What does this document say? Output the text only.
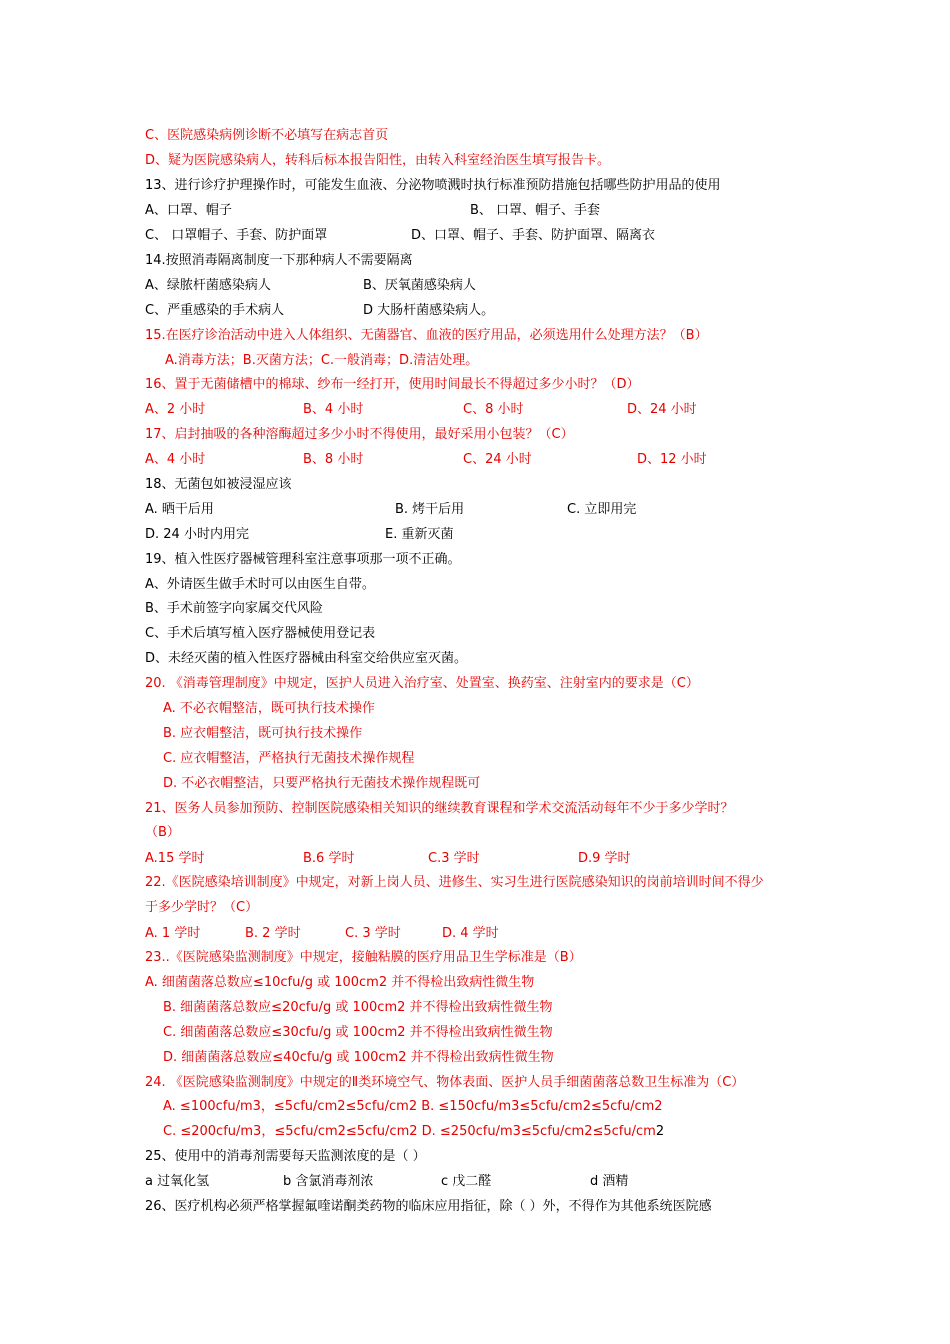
C、医院感染病例诊断不必填写在病志首页
D、疑为医院感染病人，转科后标本报告阳性，由转入科室经治医生填写报告卡。
13、进行诊疗护理操作时，可能发生血液、分泌物喷溅时执行标准预防措施包括哪些防护用品的使用
A、口罩、帽子	B、 口罩、帽子、手套
C、 口罩帽子、手套、防护面罩	D、口罩、帽子、手套、防护面罩、隔离衣
14.按照消毒隔离制度一下那种病人不需要隔离
A、绿脓杆菌感染病人	B、厌氧菌感染病人
C、严重感染的手术病人	D 大肠杆菌感染病人。
15.在医疗诊治活动中进入人体组织、无菌器官、血液的医疗用品，必须选用什么处理方法？（B）
A.消毒方法；B.灭菌方法；C.一般消毒；D.清洁处理。
16、置于无菌储槽中的棉球、纱布一经打开，使用时间最长不得超过多少小时？（D）
A、2 小时	B、4 小时	C、8 小时	D、24 小时
17、启封抽吸的各种溶酶超过多少小时不得使用，最好采用小包装？（C）
A、4 小时	B、8 小时	C、24 小时	D、12 小时
18、无菌包如被浸湿应该
A. 晒干后用	B. 烤干后用	C. 立即用完
D. 24 小时内用完	E. 重新灭菌
19、植入性医疗器械管理科室注意事项那一项不正确。
A、外请医生做手术时可以由医生自带。
B、手术前签字向家属交代风险
C、手术后填写植入医疗器械使用登记表
D、未经灭菌的植入性医疗器械由科室交给供应室灭菌。
20. 《消毒管理制度》中规定，医护人员进入治疗室、处置室、换药室、注射室内的要求是（C）
A. 不必衣帽整洁，既可执行技术操作
B. 应衣帽整洁，既可执行技术操作
C. 应衣帽整洁，严格执行无菌技术操作规程
D. 不必衣帽整洁，只要严格执行无菌技术操作规程既可
21、医务人员参加预防、控制医院感染相关知识的继续教育课程和学术交流活动每年不少于多少学时？
（B）
A.15 学时	B.6 学时	C.3 学时	D.9 学时
22.《医院感染培训制度》中规定，对新上岗人员、进修生、实习生进行医院感染知识的岗前培训时间不得少
于多少学时？（C）
A. 1 学时	B. 2 学时	C. 3 学时	D. 4 学时
23..《医院感染监测制度》中规定，接触粘膜的医疗用品卫生学标准是（B）
A. 细菌菌落总数应≤10cfu/g 或 100cm2 并不得检出致病性微生物
B. 细菌菌落总数应≤20cfu/g 或 100cm2 并不得检出致病性微生物
C. 细菌菌落总数应≤30cfu/g 或 100cm2 并不得检出致病性微生物
D. 细菌菌落总数应≤40cfu/g 或 100cm2 并不得检出致病性微生物
24. 《医院感染监测制度》中规定的Ⅱ类环境空气、物体表面、医护人员手细菌菌落总数卫生标准为（C）
A. ≤100cfu/m3，≤5cfu/cm2≤5cfu/cm2 B. ≤150cfu/m3≤5cfu/cm2≤5cfu/cm2
C. ≤200cfu/m3，≤5cfu/cm2≤5cfu/cm2 D. ≤250cfu/m3≤5cfu/cm2≤5cfu/cm2
25、使用中的消毒剂需要每天监测浓度的是（ ）
a 过氧化氢	b 含氯消毒剂浓	c 戊二醛	d 酒精
26、医疗机构必须严格掌握氟喹诺酮类药物的临床应用指征，除（ ）外，不得作为其他系统医院感
